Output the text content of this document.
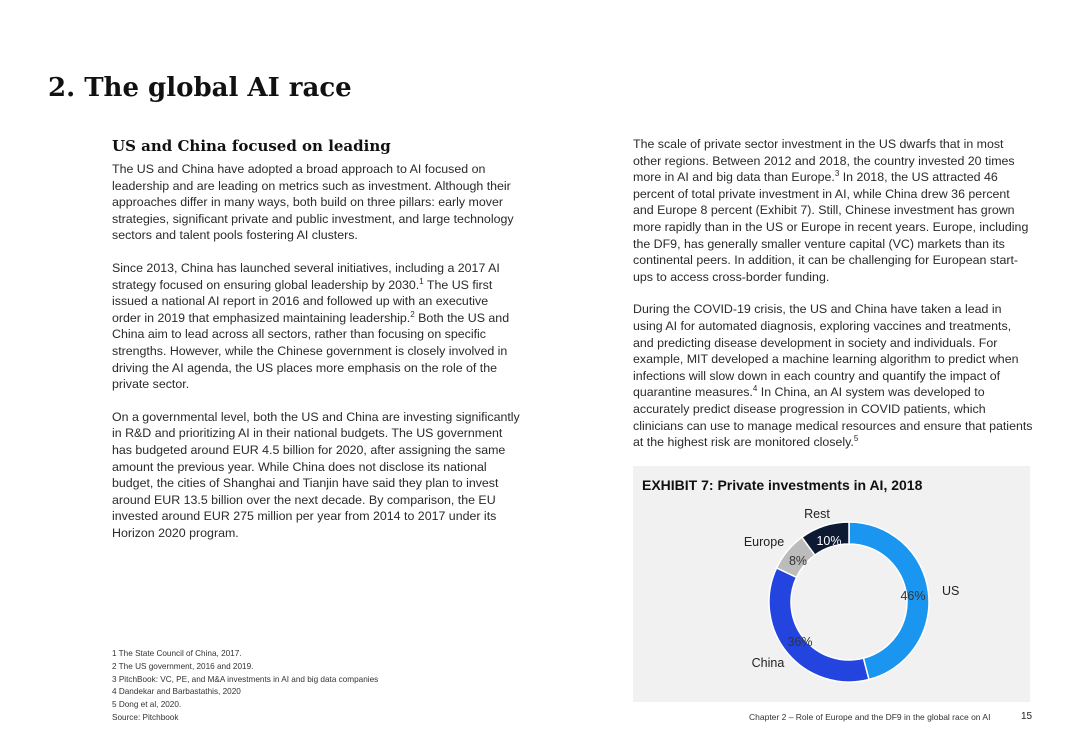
2. The global AI race
US and China focused on leading

The US and China have adopted a broad approach to AI focused on leadership and are leading on metrics such as investment. Although their approaches differ in many ways, both build on three pillars: early mover strategies, significant private and public investment, and large technology sectors and talent pools fostering AI clusters.

Since 2013, China has launched several initiatives, including a 2017 AI strategy focused on ensuring global leadership by 2030.$^1$ The US first issued a national AI report in 2016 and followed up with an executive order in 2019 that emphasized maintaining leadership.$^2$ Both the US and China aim to lead across all sectors, rather than focusing on specific strengths. However, while the Chinese government is closely involved in driving the AI agenda, the US places more emphasis on the role of the private sector.

On a governmental level, both the US and China are investing significantly in R&D and prioritizing AI in their national budgets. The US government has budgeted around EUR 4.5 billion for 2020, after assigning the same amount the previous year. While China does not disclose its national budget, the cities of Shanghai and Tianjin have said they plan to invest around EUR 13.5 billion over the next decade. By comparison, the EU invested around EUR 275 million per year from 2014 to 2017 under its Horizon 2020 program.

The scale of private sector investment in the US dwarfs that in most other regions. Between 2012 and 2018, the country invested 20 times more in AI and big data than Europe.$^3$ In 2018, the US attracted 46 percent of total private investment in AI, while China drew 36 percent and Europe 8 percent (Exhibit 7). Still, Chinese investment has grown more rapidly than in the US or Europe in recent years. Europe, including the DF9, has generally smaller venture capital (VC) markets than its continental peers. In addition, it can be challenging for European start-ups to access cross-border funding.

During the COVID-19 crisis, the US and China have taken a lead in using AI for automated diagnosis, exploring vaccines and treatments, and predicting disease development in society and individuals. For example, MIT developed a machine learning algorithm to predict when infections will slow down in each country and quantify the impact of quarantine measures.$^4$ In China, an AI system was developed to accurately predict disease progression in COVID patients, which clinicians can use to manage medical resources and ensure that patients at the highest risk are monitored closely.$^5$

EXHIBIT 7: Private investments in AI, 2018
46% US
36%
China
8%
Europe	10%
Rest
1 The State Council of China, 2017.
2 The US government, 2016 and 2019.
3 PitchBook: VC, PE, and M&A investments in AI and big data companies
4 Dandekar and Barbastathis, 2020
5 Dong et al, 2020.
Source: Pitchbook	Chapter 2 – Role of Europe and the DF9 in the global race on AI	15
